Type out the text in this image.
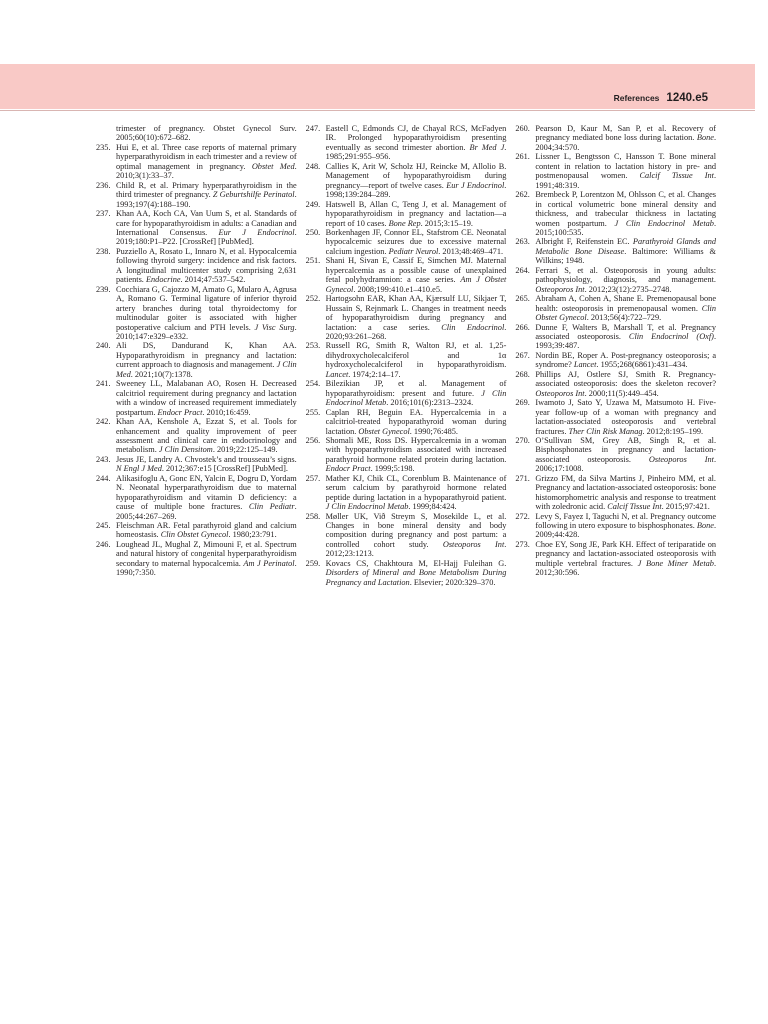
References 1240.e5

trimester of pregnancy. Obstet Gynecol Surv. 2005;60(10):672–682.

235. Hui E, et al. Three case reports of maternal primary hyperparathyroidism in each trimester and a review of optimal management in pregnancy. Obstet Med. 2010;3(1):33–37.
236. Child R, et al. Primary hyperparathyroidism in the third trimester of pregnancy. Z Geburtshilfe Perinatol. 1993;197(4):188–190.
237. Khan AA, Koch CA, Van Uum S, et al. Standards of care for hypoparathyroidism in adults: a Canadian and International Consensus. Eur J Endocrinol. 2019;180:P1–P22. [CrossRef] [PubMed].
238. Puzziello A, Rosato L, Innaro N, et al. Hypocalcemia following thyroid surgery: incidence and risk factors. A longitudinal multicenter study comprising 2,631 patients. Endocrine. 2014;47:537–542.
239. Cocchiara G, Cajozzo M, Amato G, Mularo A, Agrusa A, Romano G. Terminal ligature of inferior thyroid artery branches during total thyroidectomy for multinodular goiter is associated with higher postoperative calcium and PTH levels. J Visc Surg. 2010;147:e329–e332.
240. Ali DS, Dandurand K, Khan AA. Hypoparathyroidism in pregnancy and lactation: current approach to diagnosis and management. J Clin Med. 2021;10(7):1378.
241. Sweeney LL, Malabanan AO, Rosen H. Decreased calcitriol requirement during pregnancy and lactation with a window of increased requirement immediately postpartum. Endocr Pract. 2010;16:459.
242. Khan AA, Kenshole A, Ezzat S, et al. Tools for enhancement and quality improvement of peer assessment and clinical care in endocrinology and metabolism. J Clin Densitom. 2019;22:125–149.
243. Jesus JE, Landry A. Chvostek’s and trousseau’s signs. N Engl J Med. 2012;367:e15 [CrossRef] [PubMed].
244. Alikasifoglu A, Gonc EN, Yalcin E, Dogru D, Yordam N. Neonatal hyperparathyroidism due to maternal hypoparathyroidism and vitamin D deficiency: a cause of multiple bone fractures. Clin Pediatr. 2005;44:267–269.
245. Fleischman AR. Fetal parathyroid gland and calcium homeostasis. Clin Obstet Gynecol. 1980;23:791.
246. Loughead JL, Mughal Z, Mimouni F, et al. Spectrum and natural history of congenital hyperparathyroidism secondary to maternal hypocalcemia. Am J Perinatol. 1990;7:350.
247. Eastell C, Edmonds CJ, de Chayal RCS, McFadyen IR. Prolonged hypoparathyroidism presenting eventually as second trimester abortion. Br Med J. 1985;291:955–956.
248. Callies K, Arit W, Scholz HJ, Reincke M, Allolio B. Management of hypoparathyroidism during pregnancy—report of twelve cases. Eur J Endocrinol. 1998;139:284–289.
249. Hatswell B, Allan C, Teng J, et al. Management of hypoparathyroidism in pregnancy and lactation—a report of 10 cases. Bone Rep. 2015;3:15–19.
250. Borkenhagen JF, Connor EL, Stafstrom CE. Neonatal hypocalcemic seizures due to excessive maternal calcium ingestion. Pediatr Neurol. 2013;48:469–471.
251. Shani H, Sivan E, Cassif E, Simchen MJ. Maternal hypercalcemia as a possible cause of unexplained fetal polyhydramnion: a case series. Am J Obstet Gynecol. 2008;199:410.e1–410.e5.
252. Hartogsohn EAR, Khan AA, Kjærsulf LU, Sikjaer T, Hussain S, Rejnmark L. Changes in treatment needs of hypoparathyroidism during pregnancy and lactation: a case series. Clin Endocrinol. 2020;93:261–268.
253. Russell RG, Smith R, Walton RJ, et al. 1,25-dihydroxycholecalciferol and 1α hydroxycholecalciferol in hypoparathyroidism. Lancet. 1974;2:14–17.
254. Bilezikian JP, et al. Management of hypoparathyroidism: present and future. J Clin Endocrinol Metab. 2016;101(6):2313–2324.
255. Caplan RH, Beguin EA. Hypercalcemia in a calcitriol-treated hypoparathyroid woman during lactation. Obstet Gynecol. 1990;76:485.
256. Shomali ME, Ross DS. Hypercalcemia in a woman with hypoparathyroidism associated with increased parathyroid hormone related protein during lactation. Endocr Pract. 1999;5:198.
257. Mather KJ, Chik CL, Corenblum B. Maintenance of serum calcium by parathyroid hormone related peptide during lactation in a hypoparathyroid patient. J Clin Endocrinol Metab. 1999;84:424.
258. Møller UK, Við Streym S, Mosekilde L, et al. Changes in bone mineral density and body composition during pregnancy and post partum: a controlled cohort study. Osteoporos Int. 2012;23:1213.
259. Kovacs CS, Chakhtoura M, El-Hajj Fuleihan G. Disorders of Mineral and Bone Metabolism During Pregnancy and Lactation. Elsevier; 2020:329–370.
260. Pearson D, Kaur M, San P, et al. Recovery of pregnancy mediated bone loss during lactation. Bone. 2004;34:570.
261. Lissner L, Bengtsson C, Hansson T. Bone mineral content in relation to lactation history in pre- and postmenopausal women. Calcif Tissue Int. 1991;48:319.
262. Brembeck P, Lorentzon M, Ohlsson C, et al. Changes in cortical volumetric bone mineral density and thickness, and trabecular thickness in lactating women postpartum. J Clin Endocrinol Metab. 2015;100:535.
263. Albright F, Reifenstein EC. Parathyroid Glands and Metabolic Bone Disease. Baltimore: Williams & Wilkins; 1948.
264. Ferrari S, et al. Osteoporosis in young adults: pathophysiology, diagnosis, and management. Osteoporos Int. 2012;23(12):2735–2748.
265. Abraham A, Cohen A, Shane E. Premenopausal bone health: osteoporosis in premenopausal women. Clin Obstet Gynecol. 2013;56(4):722–729.
266. Dunne F, Walters B, Marshall T, et al. Pregnancy associated osteoporosis. Clin Endocrinol (Oxf). 1993;39:487.
267. Nordin BE, Roper A. Post-pregnancy osteoporosis; a syndrome? Lancet. 1955;268(6861):431–434.
268. Phillips AJ, Ostlere SJ, Smith R. Pregnancy-associated osteoporosis: does the skeleton recover? Osteoporos Int. 2000;11(5):449–454.
269. Iwamoto J, Sato Y, Uzawa M, Matsumoto H. Five-year follow-up of a woman with pregnancy and lactation-associated osteoporosis and vertebral fractures. Ther Clin Risk Manag. 2012;8:195–199.
270. O’Sullivan SM, Grey AB, Singh R, et al. Bisphosphonates in pregnancy and lactation-associated osteoporosis. Osteoporos Int. 2006;17:1008.
271. Grizzo FM, da Silva Martins J, Pinheiro MM, et al. Pregnancy and lactation-associated osteoporosis: bone histomorphometric analysis and response to treatment with zoledronic acid. Calcif Tissue Int. 2015;97:421.
272. Levy S, Fayez I, Taguchi N, et al. Pregnancy outcome following in utero exposure to bisphosphonates. Bone. 2009;44:428.
273. Choe EY, Song JE, Park KH. Effect of teriparatide on pregnancy and lactation-associated osteoporosis with multiple vertebral fractures. J Bone Miner Metab. 2012;30:596.
